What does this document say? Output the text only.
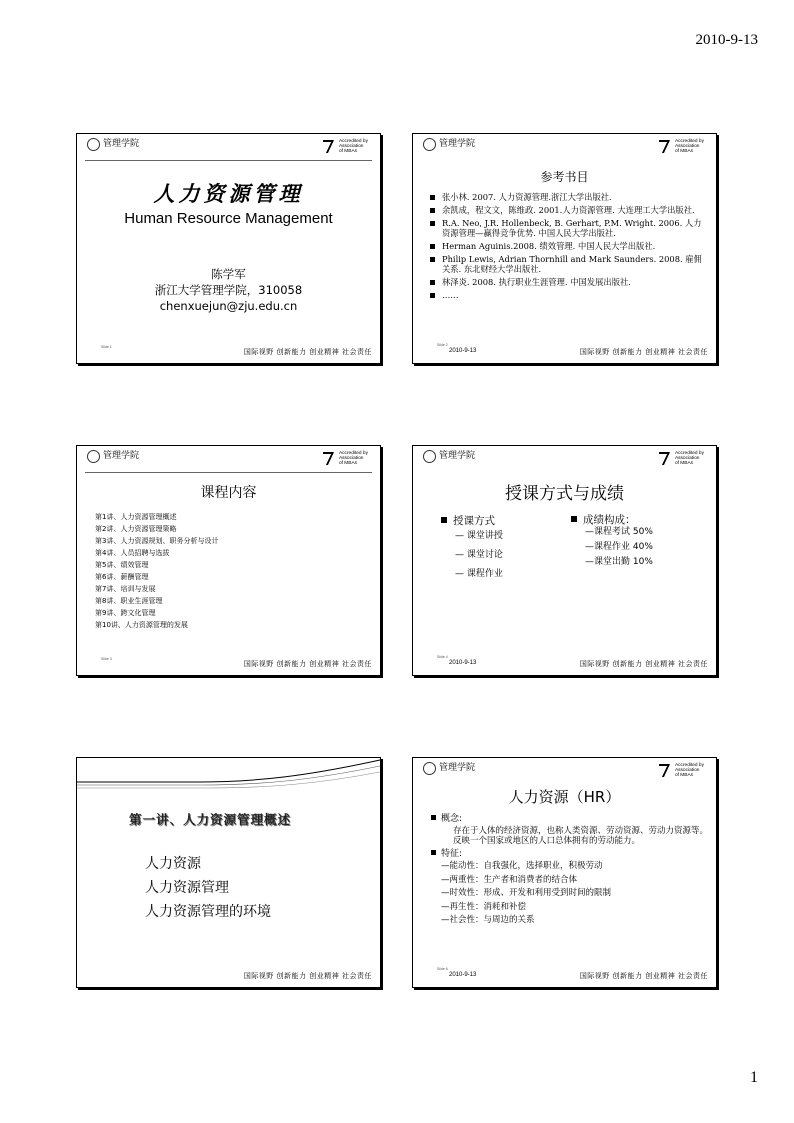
2010-9-13
管理学院	Accredited by
Association
of MBAs
人力资源管理
Human Resource Management
陈学军
浙江大学管理学院，310058
chenxuejun@zju.edu.cn
Slide 1
国际视野 创新能力 创业精神 社会责任
管理学院	Accredited by
Association
of MBAs
参考书目
张小林. 2007. 人力资源管理.浙江大学出版社.
余凯成，程文文，陈维政. 2001.人力资源管理. 大连理工大学出版社.
R.A. Neo, J.R. Hollenbeck, B. Gerhart, P.M. Wright. 2006. 人力资源管理—赢得竞争优势. 中国人民大学出版社.
Herman Aguinis.2008. 绩效管理. 中国人民大学出版社.
Philip Lewis, Adrian Thornhill and Mark Saunders. 2008. 雇佣关系. 东北财经大学出版社.
林泽炎. 2008. 执行职业生涯管理. 中国发展出版社.
……
Slide 2
2010-9-13	国际视野 创新能力 创业精神 社会责任
管理学院	Accredited by
Association
of MBAs
课程内容
第1讲、人力资源管理概述
第2讲、人力资源管理策略
第3讲、人力资源规划、职务分析与设计
第4讲、人员招聘与选拔
第5讲、绩效管理
第6讲、薪酬管理
第7讲、培训与发展
第8讲、职业生涯管理
第9讲、跨文化管理
第10讲、人力资源管理的发展
Slide 3
国际视野 创新能力 创业精神 社会责任
管理学院	Accredited by
Association
of MBAs
授课方式与成绩
授课方式
— 课堂讲授
— 课堂讨论
— 课程作业
成绩构成：
—课程考试 50%
—课程作业 40%
—课堂出勤 10%
Slide 4
2010-9-13	国际视野 创新能力 创业精神 社会责任
第一讲、人力资源管理概述
人力资源
人力资源管理
人力资源管理的环境
国际视野 创新能力 创业精神 社会责任
管理学院	Accredited by
Association
of MBAs
人力资源（HR）
概念:
存在于人体的经济资源，也称人类资源、劳动资源、劳动力资源等。反映一个国家或地区的人口总体拥有的劳动能力。
特征:
—能动性：自我强化，选择职业，积极劳动
—两重性：生产者和消费者的结合体
—时效性：形成、开发和利用受到时间的限制
—再生性：消耗和补偿
—社会性：与周边的关系
Slide 6
2010-9-13	国际视野 创新能力 创业精神 社会责任
1
